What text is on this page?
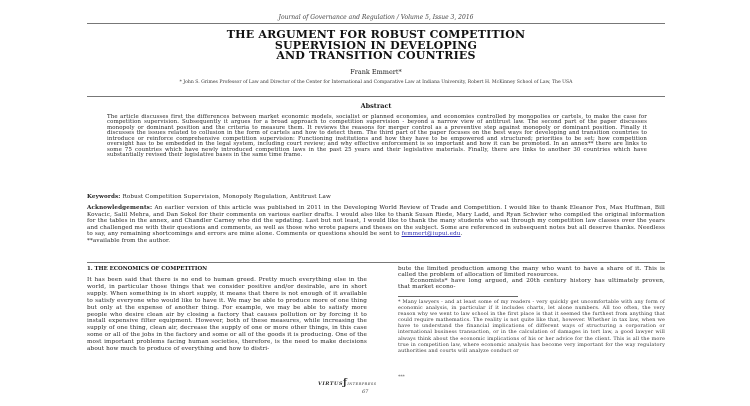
Journal of Governance and Regulation / Volume 5, Issue 3, 2016
THE ARGUMENT FOR ROBUST COMPETITION
SUPERVISION IN DEVELOPING
AND TRANSITION COUNTRIES
Frank Emmert*
* John S. Grimes Professor of Law and Director of the Center for International and Comparative Law at Indiana University, Robert H. McKinney School of Law, The USA
Abstract
The article discusses first the differences between market economic models, socialist or planned economies, and economies controlled by monopolies or cartels, to make the case for competition supervision. Subsequently it argues for a broad approach to competition supervision - beyond a narrow view of antitrust law. The second part of the paper discusses monopoly or dominant position and the criteria to measure them. It reviews the reasons for merger control as a preventive step against monopoly or dominant position. Finally it discusses the issues related to collusion in the form of cartels and how to detect them. The third part of the paper focuses on the best ways for developing and transition countries to introduce or reinforce comprehensive competition supervision: Functioning institutions and how they have to be empowered and structured; priorities to be set; how competition oversight has to be embedded in the legal system, including court review; and why effective enforcement is so important and how it can be promoted. In an annex** there are links to some 75 countries which have newly introduced competition laws in the past 25 years and their legislative materials. Finally, there are links to another 30 countries which have substantially revised their legislative bases in the same time frame.
Keywords: Robust Competition Supervision, Monopoly Regulation, Antitrust Law
Acknowledgements: An earlier version of this article was published in 2011 in the Developing World Review of Trade and Competition. I would like to thank Eleanor Fox, Max Huffman, Bill Kovacic, Salil Mehra, and Dan Sokol for their comments on various earlier drafts. I would also like to thank Susan Riede, Mary Ladd, and Ryan Schwier who compiled the original information for the tables in the annex, and Chandler Carney who did the updating. Last but not least, I would like to thank the many students who sat through my competition law classes over the years and challenged me with their questions and comments, as well as those who wrote papers and theses on the subject. Some are referenced in subsequent notes but all deserve thanks. Needless to say, any remaining shortcomings and errors are mine alone. Comments or questions should be sent to femmert@iupui.edu.
**available from the author.
1. THE ECONOMICS OF COMPETITION
It has been said that there is no end to human greed. Pretty much everything else in the world, in particular those things that we consider positive and/or desirable, are in short supply. When something is in short supply, it means that there is not enough of it available to satisfy everyone who would like to have it. We may be able to produce more of one thing but only at the expense of another thing. For example, we may be able to satisfy more people who desire clean air by closing a factory that causes pollution or by forcing it to install expensive filter equipment. However, both of these measures, while increasing the supply of one thing, clean air, decrease the supply of one or more other things, in this case some or all of the jobs in the factory and some or all of the goods it is producing. One of the most important problems facing human societies, therefore, is the need to make decisions about how much to produce of everything and how to distri-
bute the limited production among the many who want to have a share of it. This is called the problem of allocation of limited resources.
Economists* have long argued, and 20th century history has ultimately proven, that market econo-
* Many lawyers - and at least some of my readers - very quickly get uncomfortable with any form of economic analysis, in particular if it includes charts, let alone numbers. All too often, the very reason why we went to law school in the first place is that it seemed the furthest from anything that could require mathematics. The reality is not quite like that, however. Whether in tax law, when we have to understand the financial implications of different ways of structuring a corporation or international business transaction, or in the calculation of damages in tort law, a good lawyer will always think about the economic implications of his or her advice for the client. This is all the more true in competition law, where economic analysis has become very important for the way regulatory authorities and courts will analyze conduct or
***
VIRTUSƒINTERPRESS
67
